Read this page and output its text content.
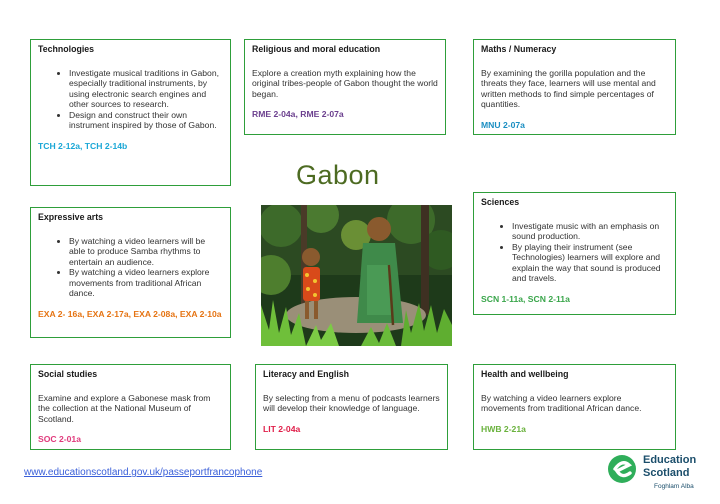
Technologies
• Investigate musical traditions in Gabon, especially traditional instruments, by using electronic search engines and other sources to research.
• Design and construct their own instrument inspired by those of Gabon.

TCH 2-12a, TCH 2-14b

Religious and moral education

Explore a creation myth explaining how the original tribes-people of Gabon thought the world began.

RME 2-04a, RME 2-07a

Maths / Numeracy

By examining the gorilla population and the threats they face, learners will use mental and written methods to find simple percentages of quantities.

MNU 2-07a

Expressive arts
• By watching a video learners will be able to produce Samba rhythms to entertain an audience.
• By watching a video learners explore movements from traditional African dance.

EXA 2- 16a, EXA 2-17a, EXA 2-08a, EXA 2-10a

Sciences
• Investigate music with an emphasis on sound production.
• By playing their instrument (see Technologies) learners will explore and explain the way that sound is produced and travels.

SCN 1-11a, SCN 2-11a

Social studies

Examine and explore a Gabonese mask from the collection at the National Museum of Scotland.

SOC 2-01a

Literacy and English

By selecting from a menu of podcasts learners will develop their knowledge of language.

LIT 2-04a

Health and wellbeing

By watching a video learners explore movements from traditional African dance.

HWB 2-21a

Gabon
www.educationscotland.gov.uk/passeportfrancophone
Education
Scotland
Foghlam Alba
